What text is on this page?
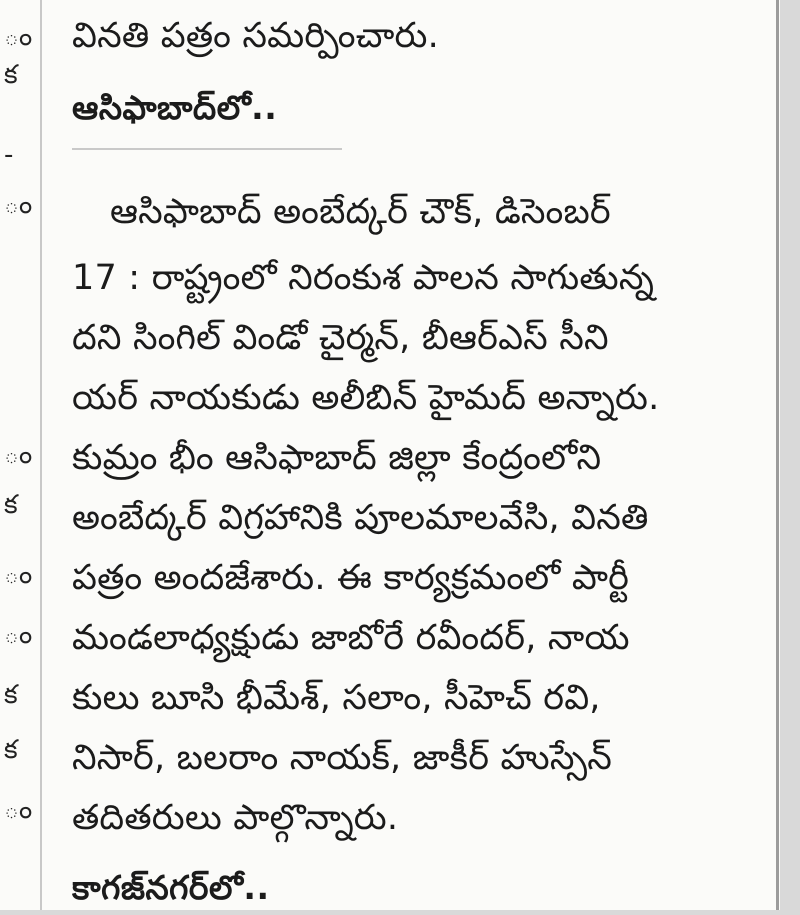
ం
క
-
ం
ం
క
ం
ం
క
క
ం
వినతి పత్రం సమర్పించారు.
ఆసిఫాబాద్‌లో..
ఆసిఫాబాద్ అంబేద్కర్ చౌక్, డిసెంబర్
17 : రాష్ట్రంలో నిరంకుశ పాలన సాగుతున్న
దని సింగిల్ విండో చైర్మన్, బీఆర్‌ఎస్ సీని
యర్ నాయకుడు అలీబిన్ హైమద్ అన్నారు.
కుమ్రం భీం ఆసిఫాబాద్ జిల్లా కేంద్రంలోని
అంబేద్కర్ విగ్రహానికి పూలమాలవేసి, వినతి
పత్రం అందజేశారు. ఈ కార్యక్రమంలో పార్టీ
మండలాధ్యక్షుడు జాబోరే రవీందర్, నాయ
కులు బూసి భీమేశ్, సలాం, సీహెచ్ రవి,
నిసార్, బలరాం నాయక్, జాకీర్ హుస్సేన్
తదితరులు పాల్గొన్నారు.
కాగజ్‌నగర్‌లో..
